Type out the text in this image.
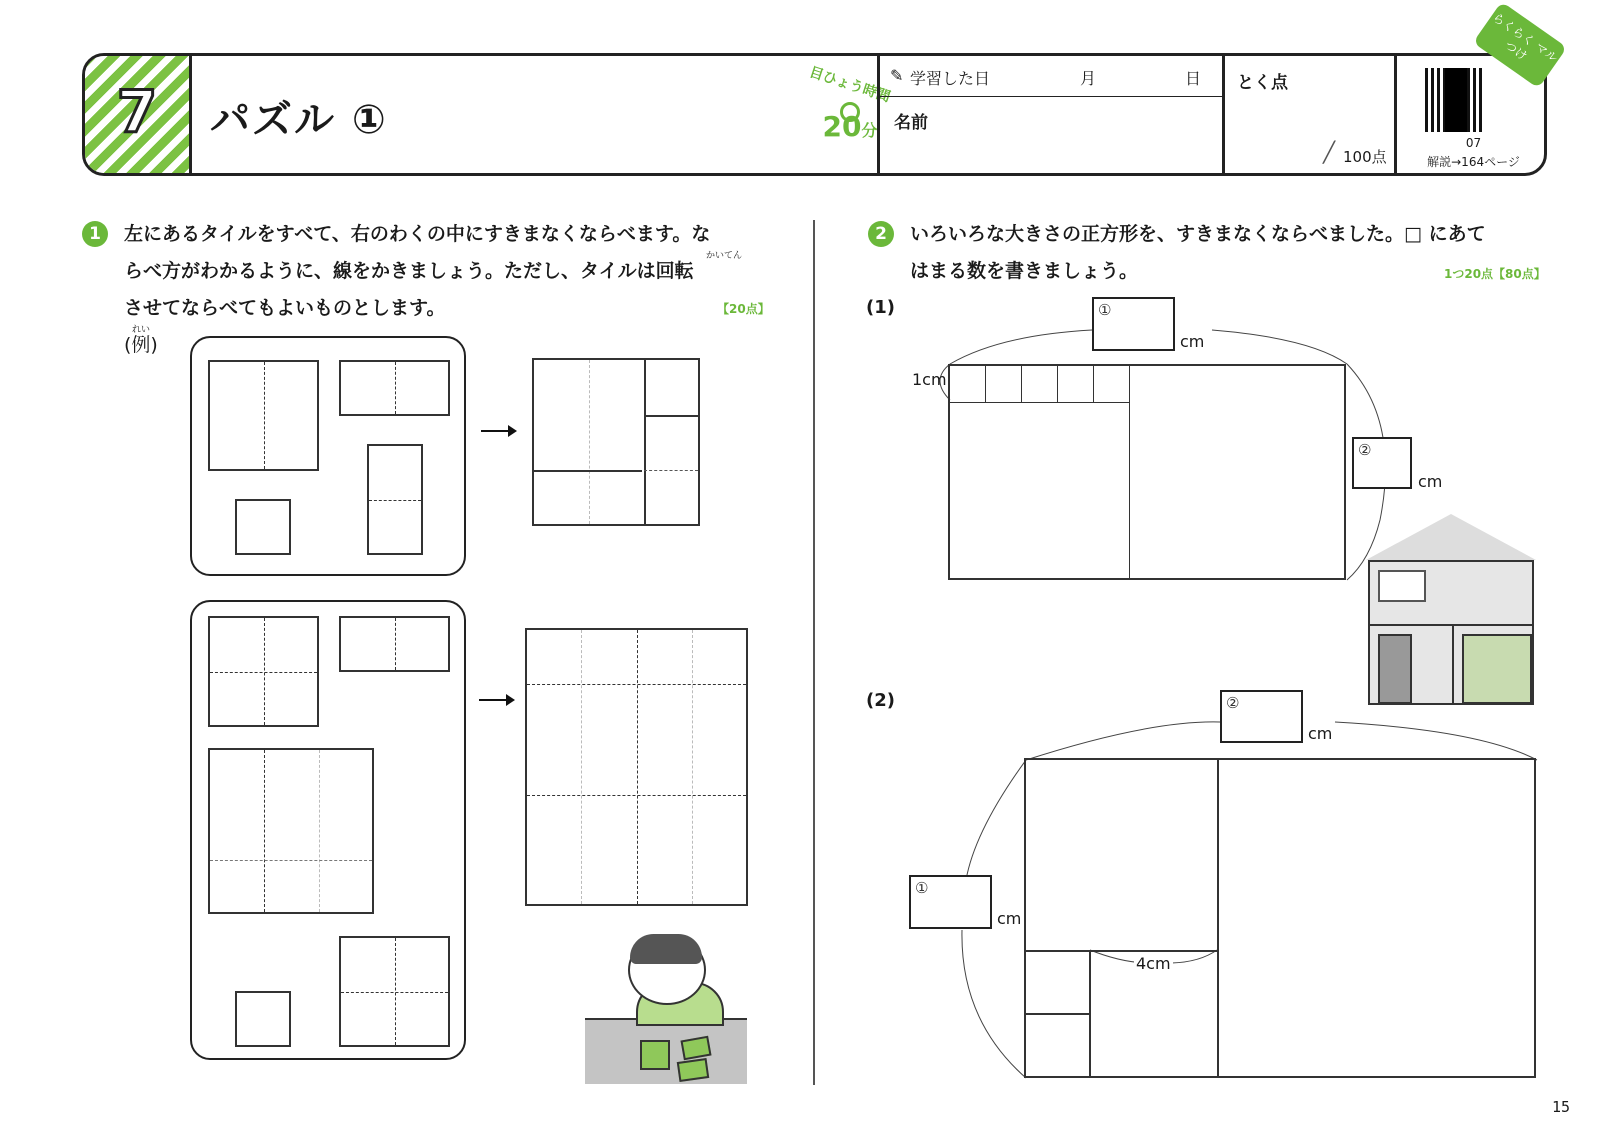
7	パズル ①
目ひょう時間
20分
✎ 学習した日	月	日
名前
とく点
╱ 100点
07
解説→164ページ
らくらく マルつけ
1	左にあるタイルをすべて、右のわくの中にすきまなくならべます。な
らべ方がわかるように、線をかきましょう。ただし、タイルは回転
させてならべてもよいものとします。
かいてん
【20点】
れい
(例)
2	いろいろな大きさの正方形を、すきまなくならべました。□ にあて
はまる数を書きましょう。	1つ20点【80点】
(1)	①
cm
1cm
②
cm
(2)	②
cm
4cm
①
cm
15
